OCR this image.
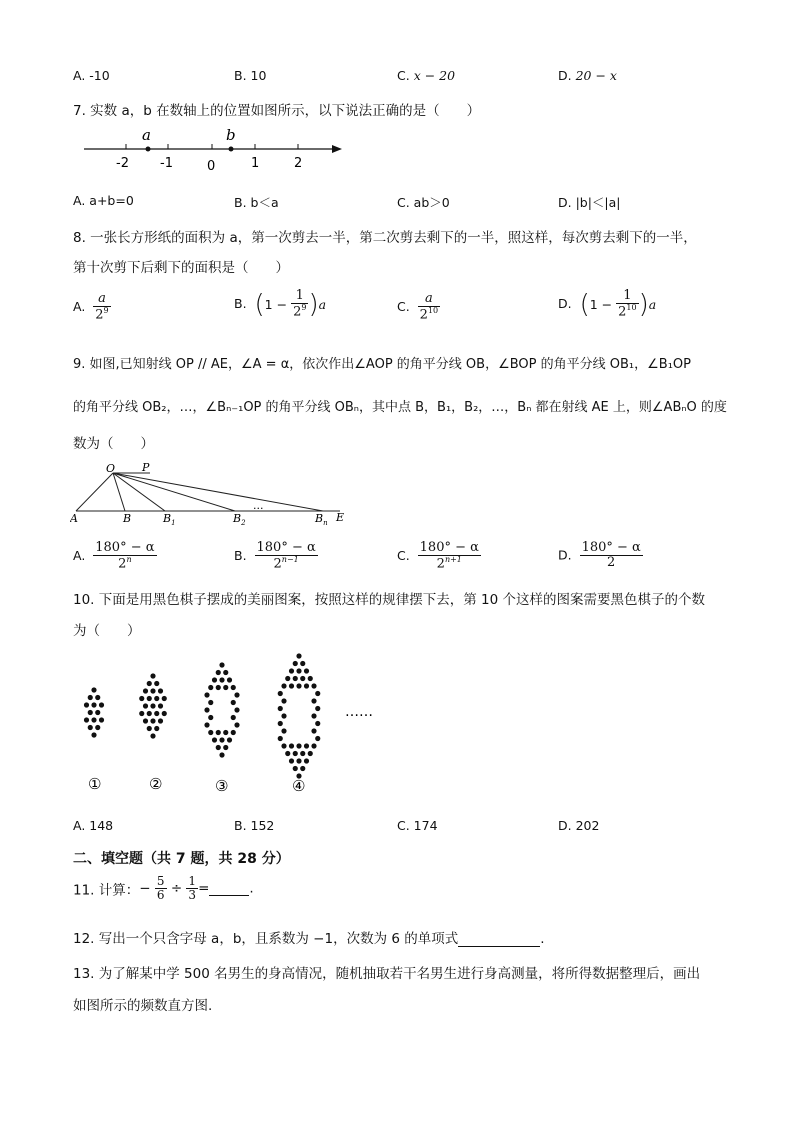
A. -10	B. 10	C. x − 20	D. 20 − x
7. 实数 a，b 在数轴上的位置如图所示，以下说法正确的是（　　）
a	b
-2 -1	0	1	2
A. a+b=0	B. b＜a	C. ab＞0	D. |b|＜|a|
8. 一张长方形纸的面积为 a，第一次剪去一半，第二次剪去剩下的一半，照这样，每次剪去剩下的一半，
第十次剪下后剩下的面积是（　　）
A. $\frac{a}{2^9}$	B. $(1 - \frac{1}{2^9} )a$	C. $\frac{a}{2^{10}}$	D. $(1 - \frac{1}{2^{10}} )a$
9. 如图,已知射线 OP // AE，∠A = α，依次作出∠AOP 的角平分线 OB，∠BOP 的角平分线 OB₁，∠B₁OP
的角平分线 OB₂，…，∠Bₙ₋₁OP 的角平分线 OBₙ，其中点 B，B₁，B₂，…，Bₙ 都在射线 AE 上，则∠ABₙO 的度
数为（　　）
O P
A	B	$B_1$	$B_2$	$B_n$ E
...
A. $\frac{180^\circ - \alpha}{2^n}$	B. $\frac{180^\circ - \alpha}{2^{n-1}}$	C. $\frac{180^\circ - \alpha}{2^{n+1}}$	D. $\frac{180^\circ - \alpha}{2}$
10. 下面是用黑色棋子摆成的美丽图案，按照这样的规律摆下去，第 10 个这样的图案需要黑色棋子的个数
为（　　）
……
①	②	③	④
A. 148	B. 152	C. 174	D. 202
二、填空题（共 7 题，共 28 分）
11. 计算：− $\frac{5}{6} \div \frac{1}{3}$ =	.
12. 写出一个只含字母 a，b，且系数为 −1，次数为 6 的单项式	.
13. 为了解某中学 500 名男生的身高情况，随机抽取若干名男生进行身高测量，将所得数据整理后，画出
如图所示的频数直方图.
